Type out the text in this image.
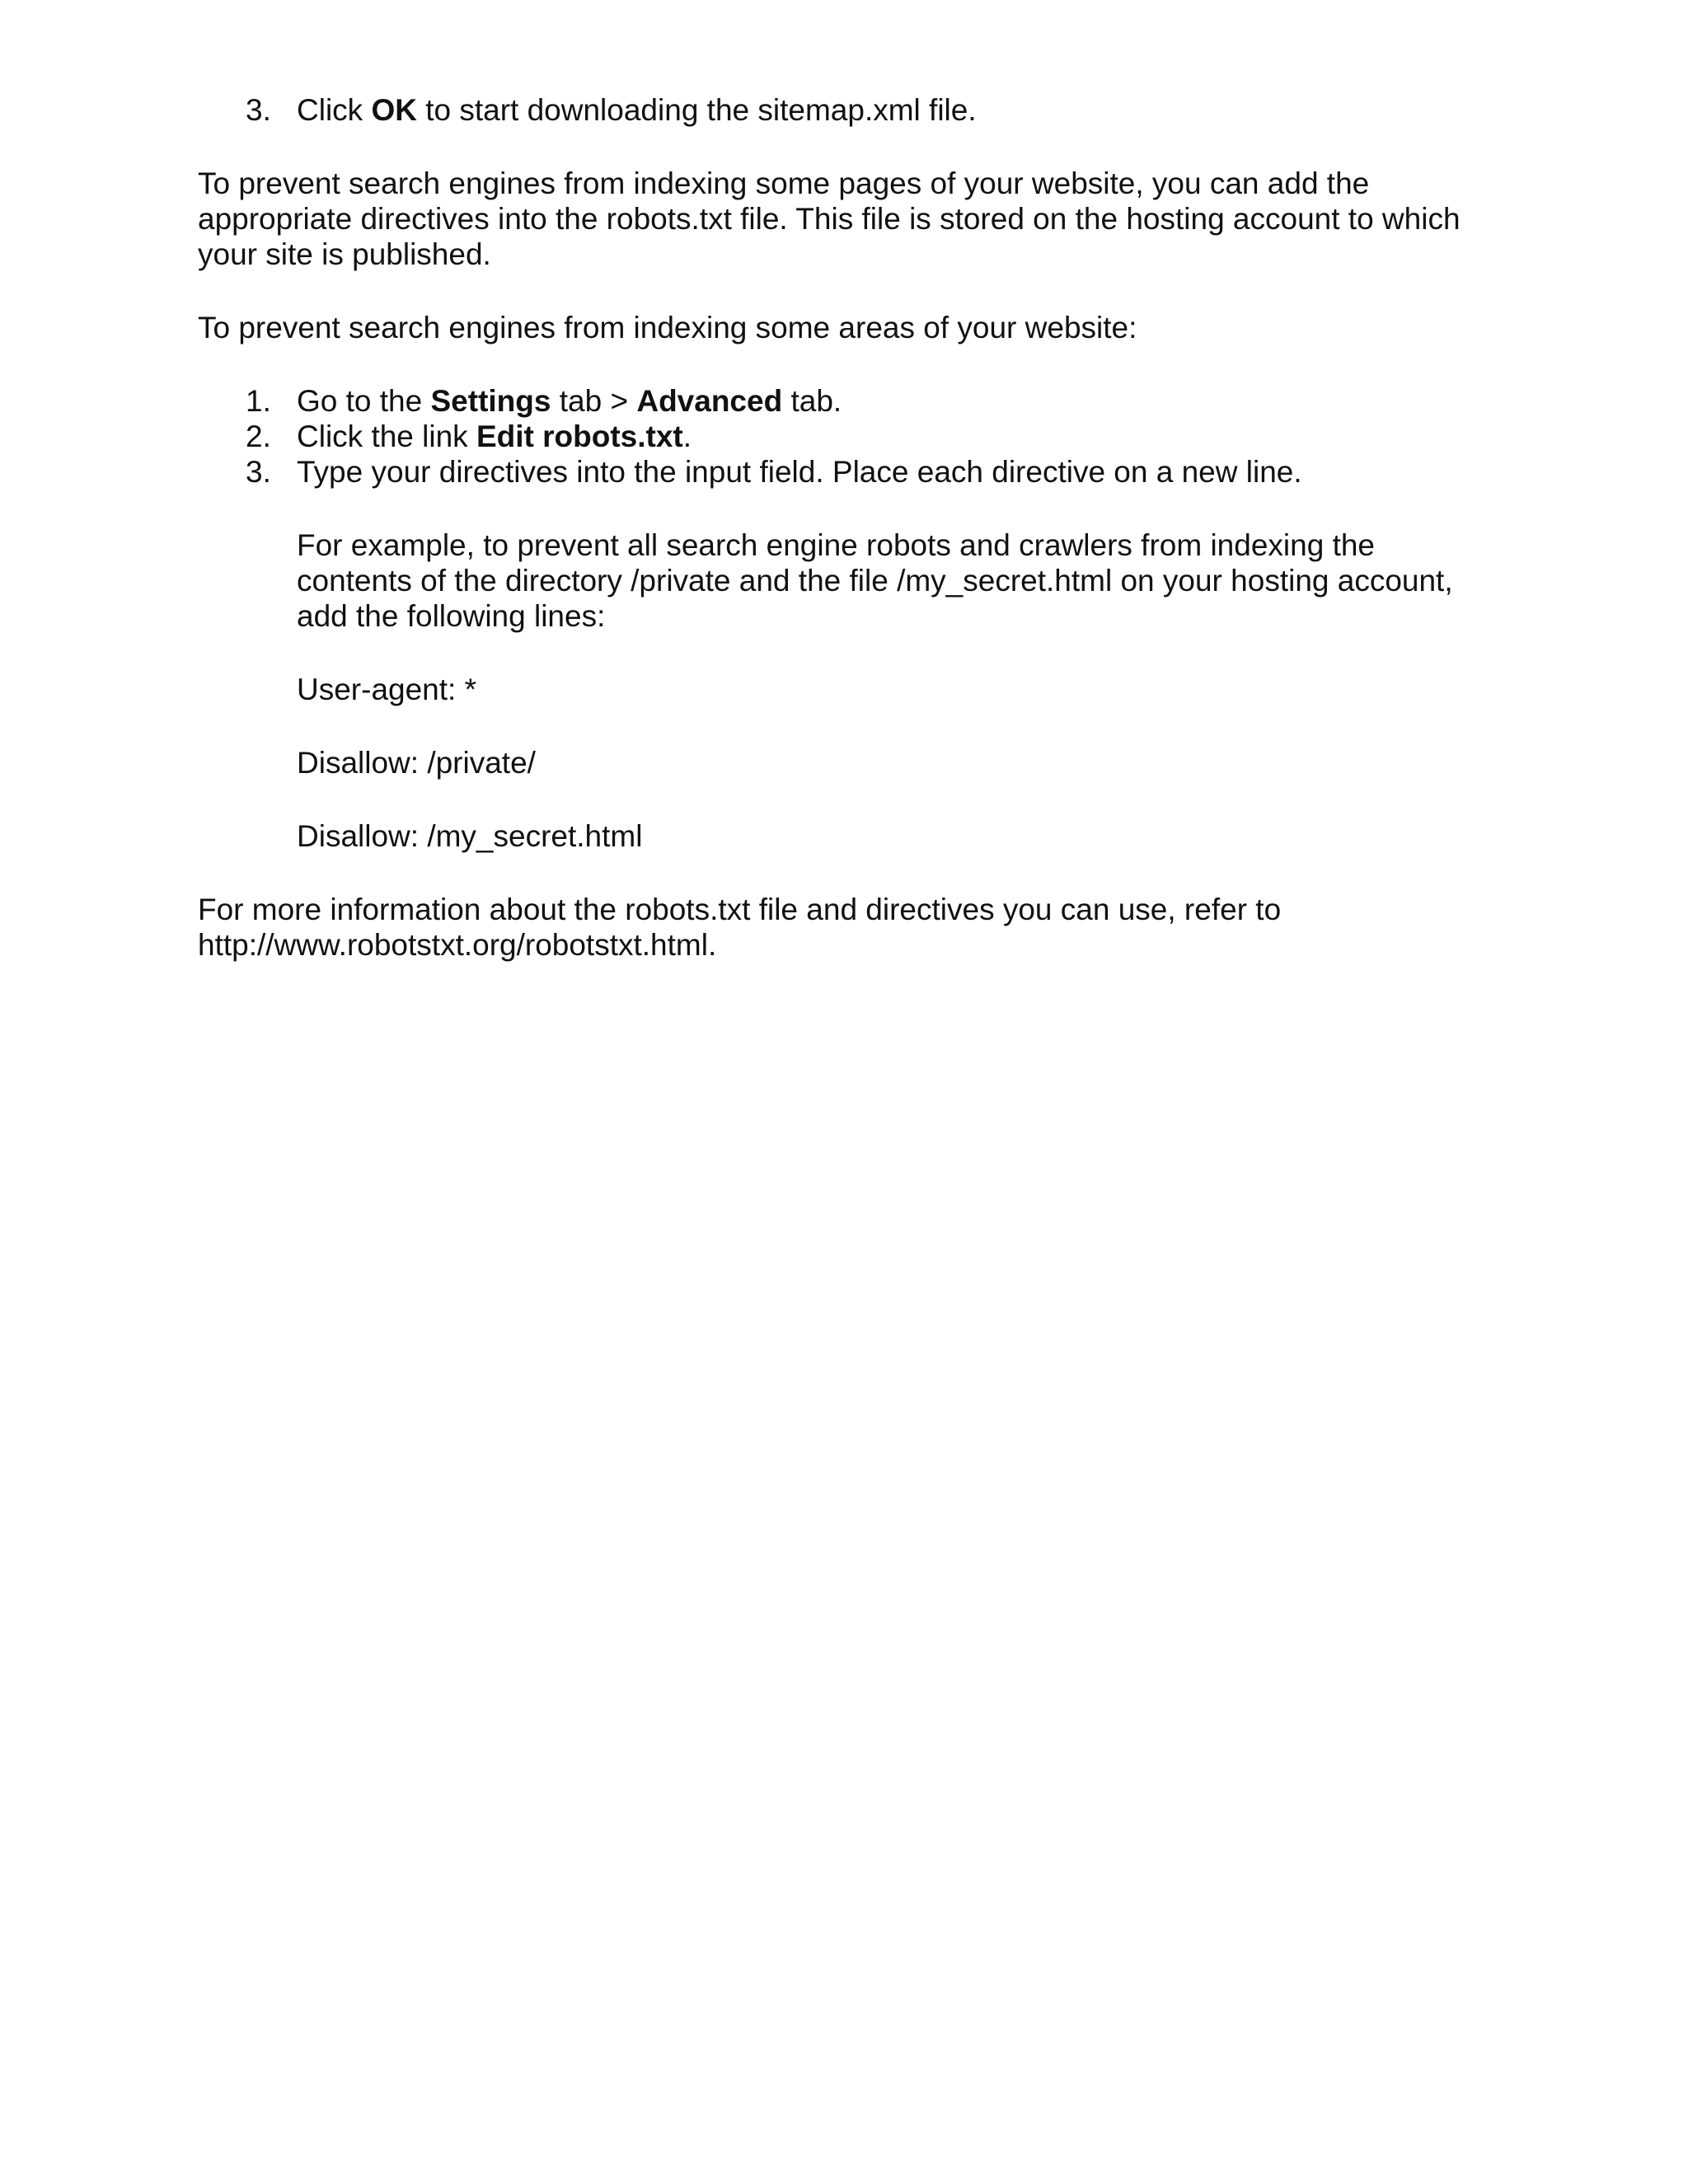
3. Click OK to start downloading the sitemap.xml file.

To prevent search engines from indexing some pages of your website, you can add the appropriate directives into the robots.txt file. This file is stored on the hosting account to which your site is published.

To prevent search engines from indexing some areas of your website:

1. Go to the Settings tab > Advanced tab.
2. Click the link Edit robots.txt.
3. Type your directives into the input field. Place each directive on a new line.

For example, to prevent all search engine robots and crawlers from indexing the contents of the directory /private and the file /my_secret.html on your hosting account, add the following lines:

User-agent: *

Disallow: /private/

Disallow: /my_secret.html

For more information about the robots.txt file and directives you can use, refer to

http://www.robotstxt.org/robotstxt.html.
